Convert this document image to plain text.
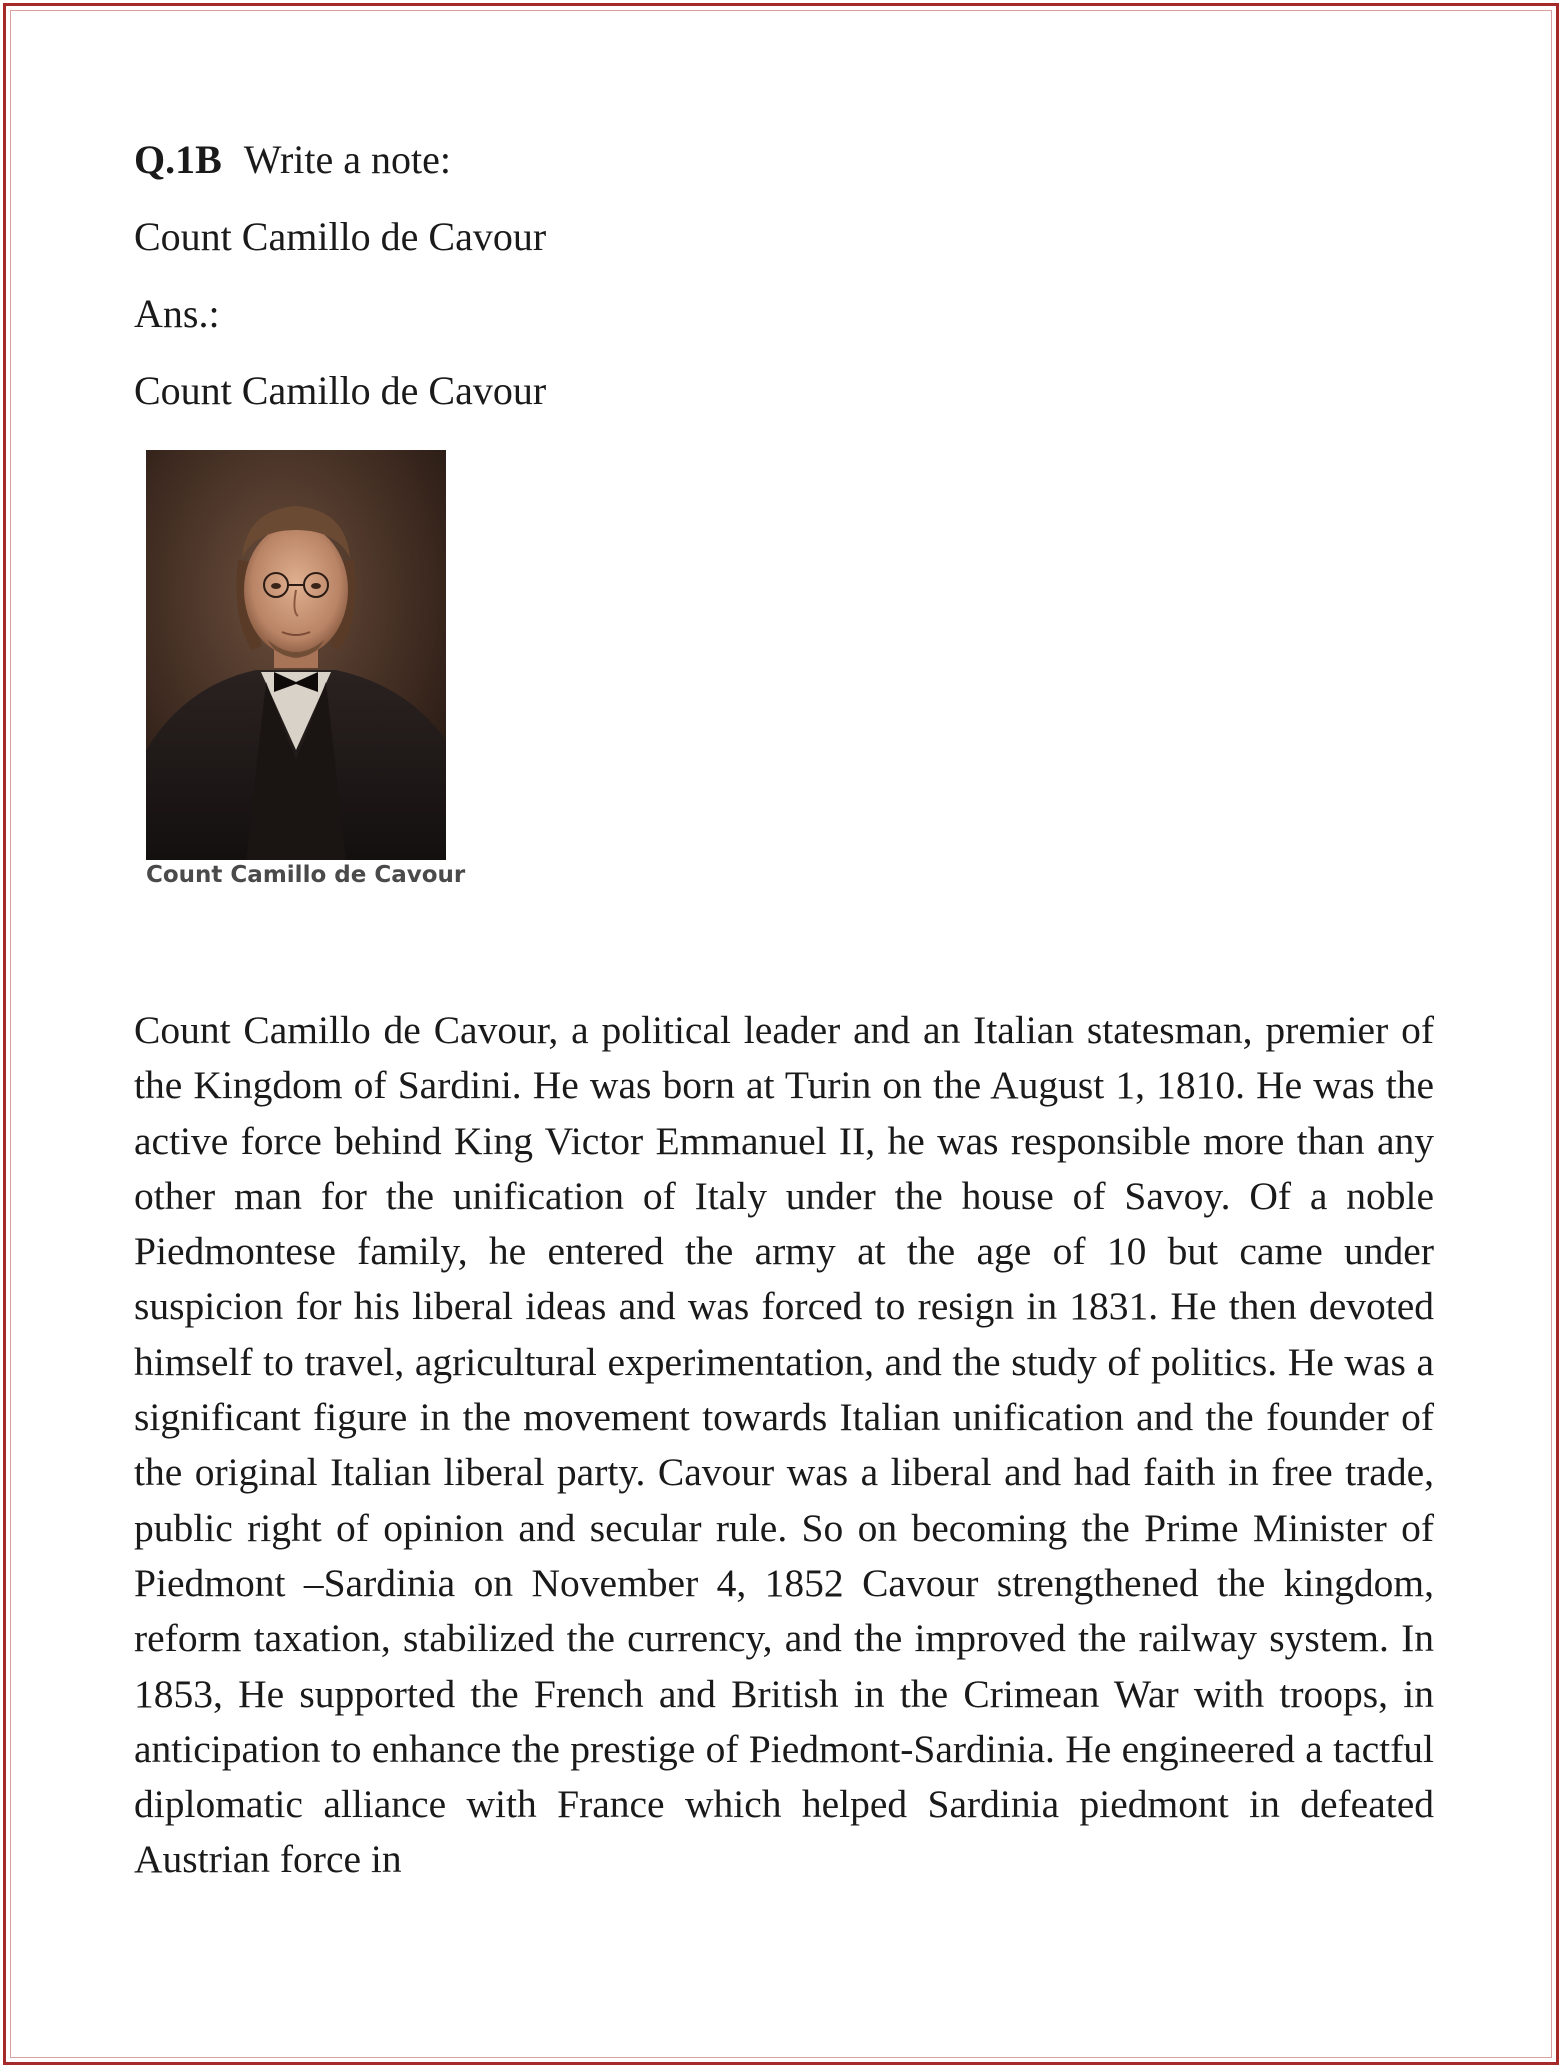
Q.1B Write a note:
Count Camillo de Cavour
Ans.:
Count Camillo de Cavour
Count Camillo de Cavour

Count Camillo de Cavour, a political leader and an Italian statesman, premier of the Kingdom of Sardini. He was born at Turin on the August 1, 1810. He was the active force behind King Victor Emmanuel II, he was responsible more than any other man for the unification of Italy under the house of Savoy. Of a noble Piedmontese family, he entered the army at the age of 10 but came under suspicion for his liberal ideas and was forced to resign in 1831. He then devoted himself to travel, agricultural experimentation, and the study of politics. He was a significant figure in the movement towards Italian unification and the founder of the original Italian liberal party. Cavour was a liberal and had faith in free trade, public right of opinion and secular rule. So on becoming the Prime Minister of Piedmont –Sardinia on November 4, 1852 Cavour strengthened the kingdom, reform taxation, stabilized the currency, and the improved the railway system. In 1853, He supported the French and British in the Crimean War with troops, in anticipation to enhance the prestige of Piedmont-Sardinia. He engineered a tactful diplomatic alliance with France which helped Sardinia piedmont in defeated Austrian force in
